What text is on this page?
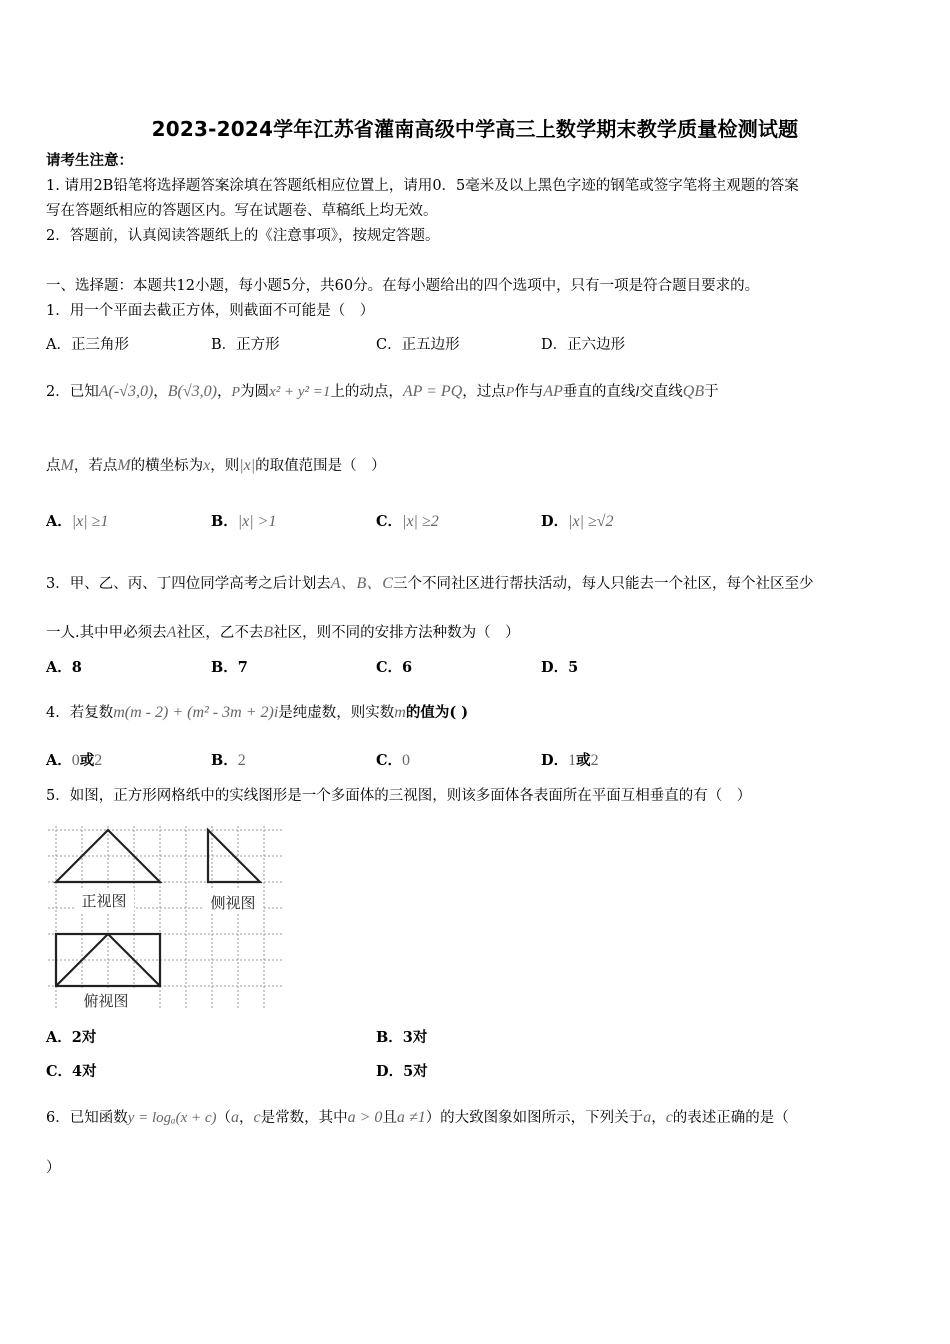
2023-2024学年江苏省灌南高级中学高三上数学期末教学质量检测试题
请考生注意：
1. 请用2B铅笔将选择题答案涂填在答题纸相应位置上，请用0．5毫米及以上黑色字迹的钢笔或签字笔将主观题的答案
写在答题纸相应的答题区内。写在试题卷、草稿纸上均无效。
2．答题前，认真阅读答题纸上的《注意事项》，按规定答题。
一、选择题：本题共12小题，每小题5分，共60分。在每小题给出的四个选项中，只有一项是符合题目要求的。
1．用一个平面去截正方体，则截面不可能是（　）
A．正三角形	B．正方形	C．正五边形	D．正六边形
2．已知A(-√3,0)，B(√3,0)，P为圆x² + y² =1上的动点，AP = PQ，过点P作与AP垂直的直线l交直线QB于
点M，若点M的横坐标为x，则|x|的取值范围是（　）
A．|x| ≥1	B．|x| >1	C．|x| ≥2	D．|x| ≥√2
3．甲、乙、丙、丁四位同学高考之后计划去A、B、C三个不同社区进行帮扶活动，每人只能去一个社区，每个社区至少
一人.其中甲必须去A社区，乙不去B社区，则不同的安排方法种数为（　）
A．8	B．7	C．6	D．5
4．若复数m(m - 2) + (m² - 3m + 2)i是纯虚数，则实数m的值为( )
A．0或2	B．2	C．0	D．1或2
5．如图，正方形网格纸中的实线图形是一个多面体的三视图，则该多面体各表面所在平面互相垂直的有（　）
正视图	侧视图
俯视图
A．2对	B．3对
C．4对	D．5对
6．已知函数y = logₐ(x + c)（a，c是常数，其中a > 0且a ≠1）的大致图象如图所示，下列关于a，c的表述正确的是（
）
